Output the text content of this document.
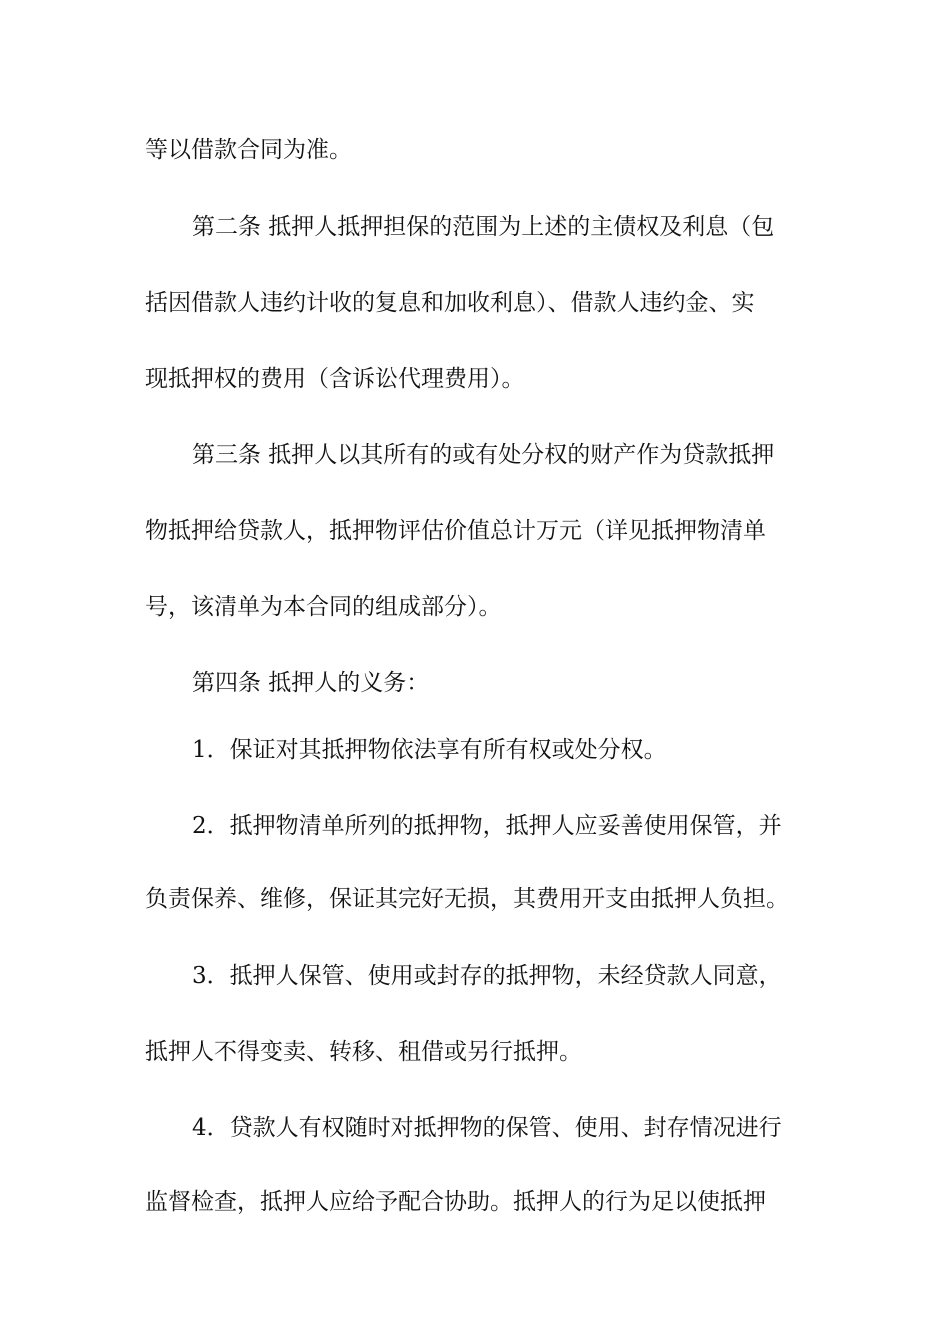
等以借款合同为准。
第二条 抵押人抵押担保的范围为上述的主债权及利息（包
括因借款人违约计收的复息和加收利息）、借款人违约金、实
现抵押权的费用（含诉讼代理费用）。
第三条 抵押人以其所有的或有处分权的财产作为贷款抵押
物抵押给贷款人，抵押物评估价值总计万元（详见抵押物清单
号，该清单为本合同的组成部分）。
第四条 抵押人的义务：
1．保证对其抵押物依法享有所有权或处分权。
2．抵押物清单所列的抵押物，抵押人应妥善使用保管，并
负责保养、维修，保证其完好无损，其费用开支由抵押人负担。
3．抵押人保管、使用或封存的抵押物，未经贷款人同意，
抵押人不得变卖、转移、租借或另行抵押。
4．贷款人有权随时对抵押物的保管、使用、封存情况进行
监督检查，抵押人应给予配合协助。抵押人的行为足以使抵押
